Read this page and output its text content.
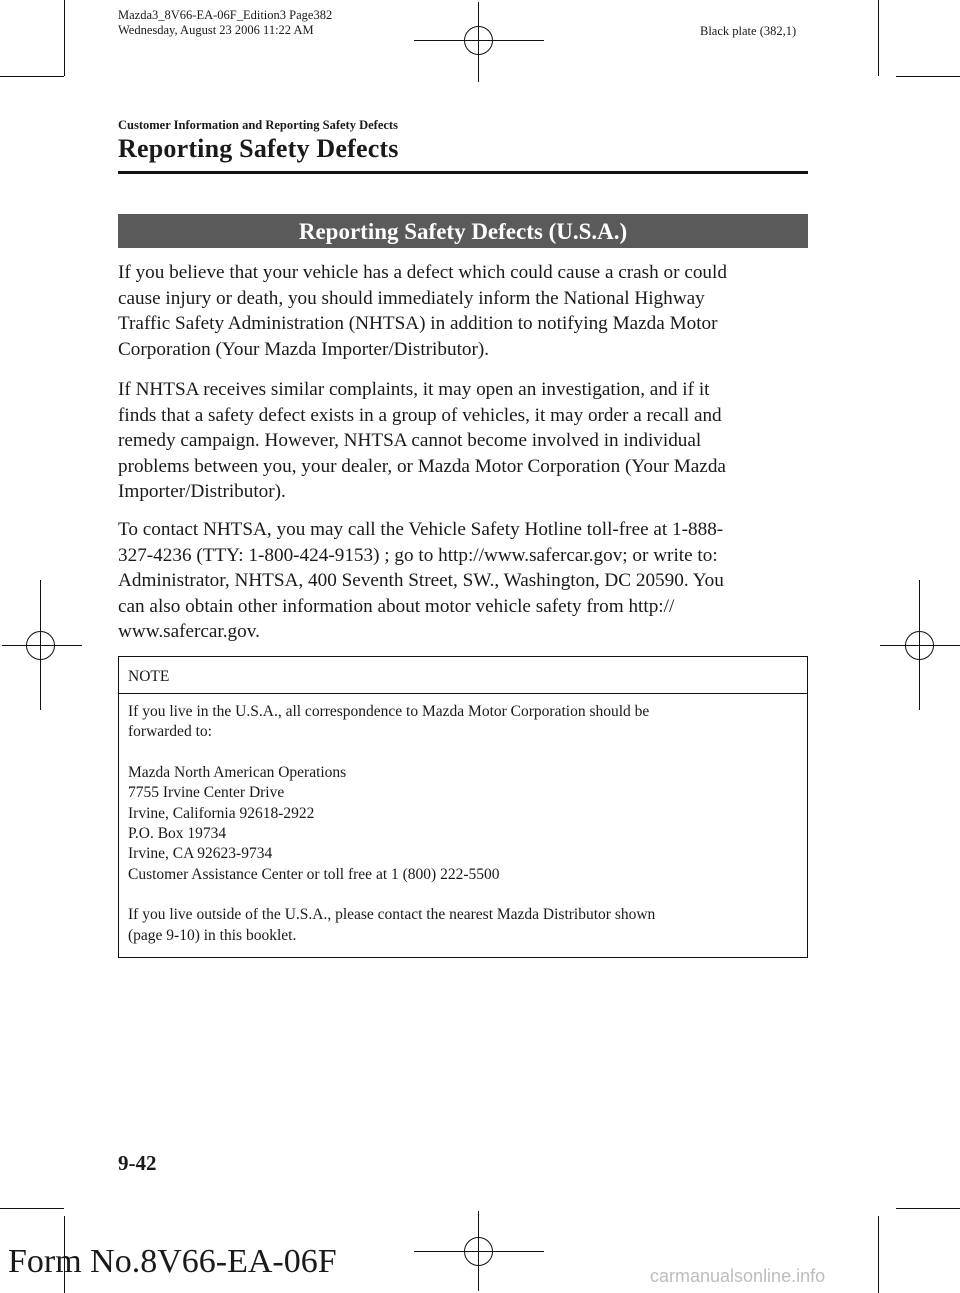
Mazda3_8V66-EA-06F_Edition3 Page382
Wednesday, August 23 2006 11:22 AM	Black plate (382,1)
Customer Information and Reporting Safety Defects
Reporting Safety Defects
Reporting Safety Defects (U.S.A.)

If you believe that your vehicle has a defect which could cause a crash or could

cause injury or death, you should immediately inform the National Highway

Traffic Safety Administration (NHTSA) in addition to notifying Mazda Motor

Corporation (Your Mazda Importer/Distributor).

If NHTSA receives similar complaints, it may open an investigation, and if it

finds that a safety defect exists in a group of vehicles, it may order a recall and

remedy campaign. However, NHTSA cannot become involved in individual

problems between you, your dealer, or Mazda Motor Corporation (Your Mazda

Importer/Distributor).

To contact NHTSA, you may call the Vehicle Safety Hotline toll-free at 1-888-

327-4236 (TTY: 1-800-424-9153) ; go to http://www.safercar.gov; or write to:

Administrator, NHTSA, 400 Seventh Street, SW., Washington, DC 20590. You

can also obtain other information about motor vehicle safety from http://

www.safercar.gov.

NOTE

If you live in the U.S.A., all correspondence to Mazda Motor Corporation should be

forwarded to:

Mazda North American Operations

7755 Irvine Center Drive

Irvine, California 92618-2922

P.O. Box 19734

Irvine, CA 92623-9734

Customer Assistance Center or toll free at 1 (800) 222-5500

If you live outside of the U.S.A., please contact the nearest Mazda Distributor shown

(page 9-10) in this booklet.

9-42
Form No.8V66-EA-06F	carmanualsonline.info
